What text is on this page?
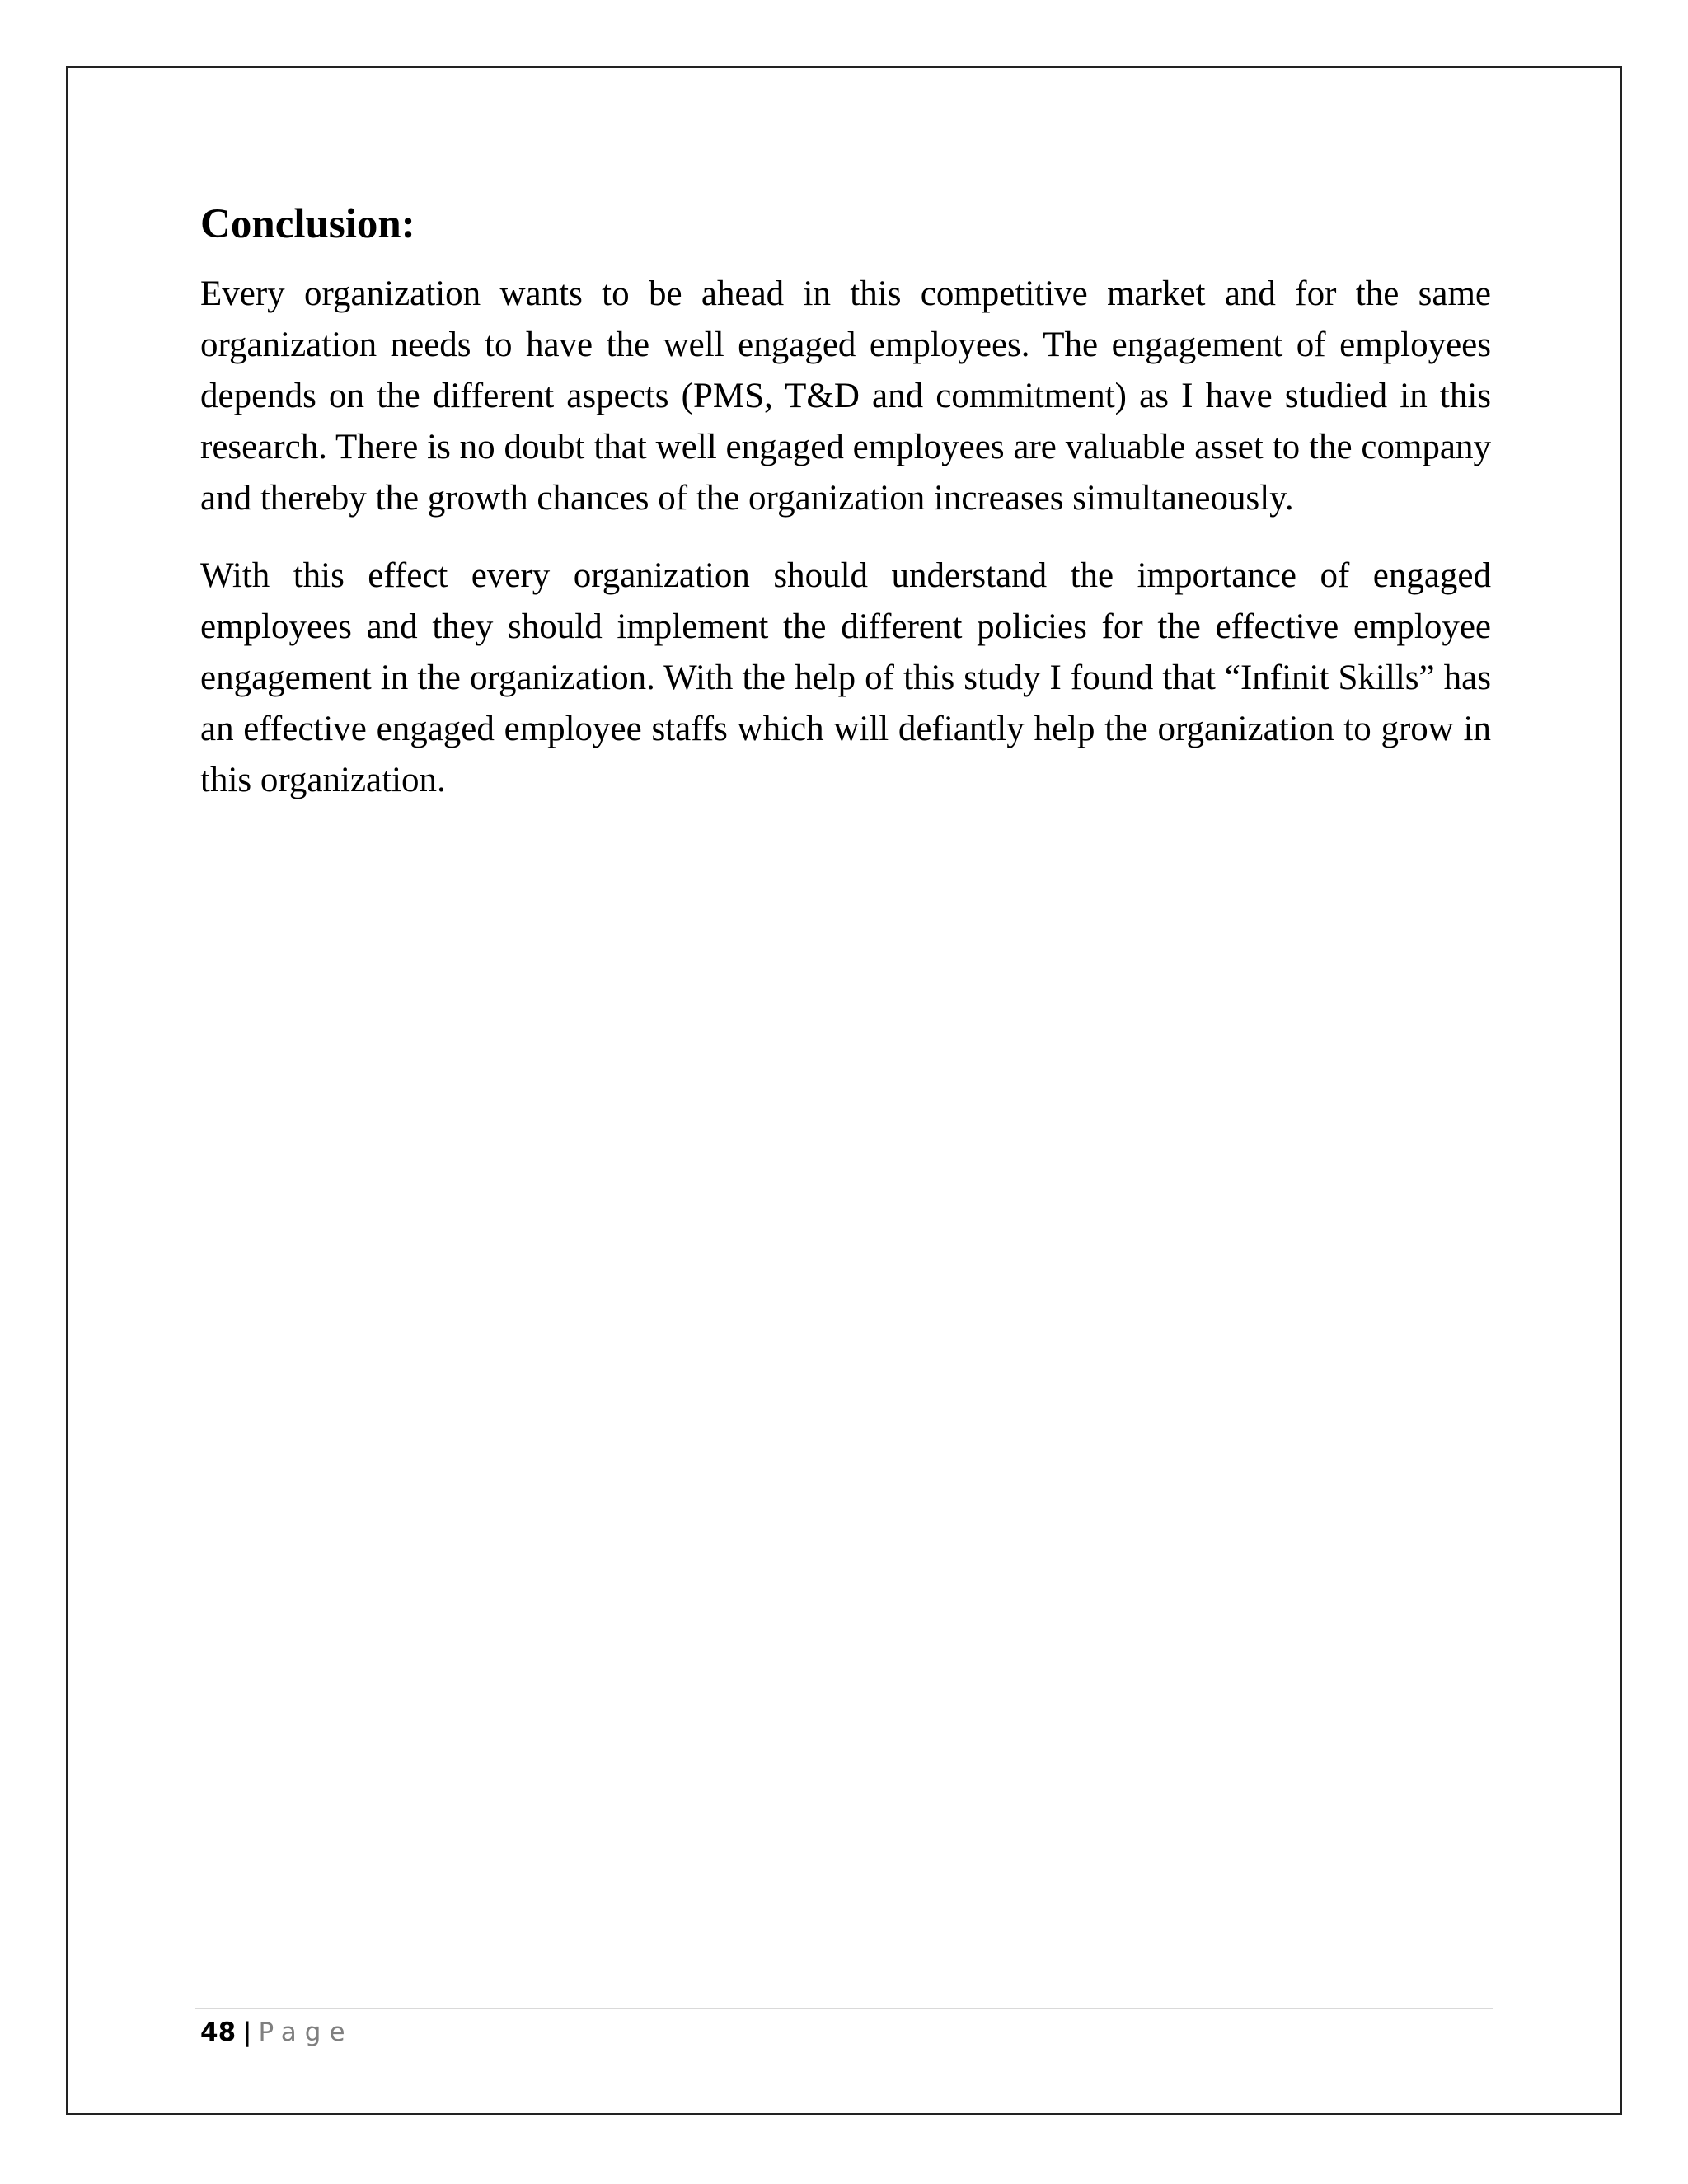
Conclusion:

Every organization wants to be ahead in this competitive market and for the same organization needs to have the well engaged employees. The engagement of employees depends on the different aspects (PMS, T&D and commitment) as I have studied in this research. There is no doubt that well engaged employees are valuable asset to the company and thereby the growth chances of the organization increases simultaneously.

With this effect every organization should understand the importance of engaged employees and they should implement the different policies for the effective employee engagement in the organization. With the help of this study I found that “Infinit Skills” has an effective engaged employee staffs which will defiantly help the organization to grow in this organization.

48 | Page
